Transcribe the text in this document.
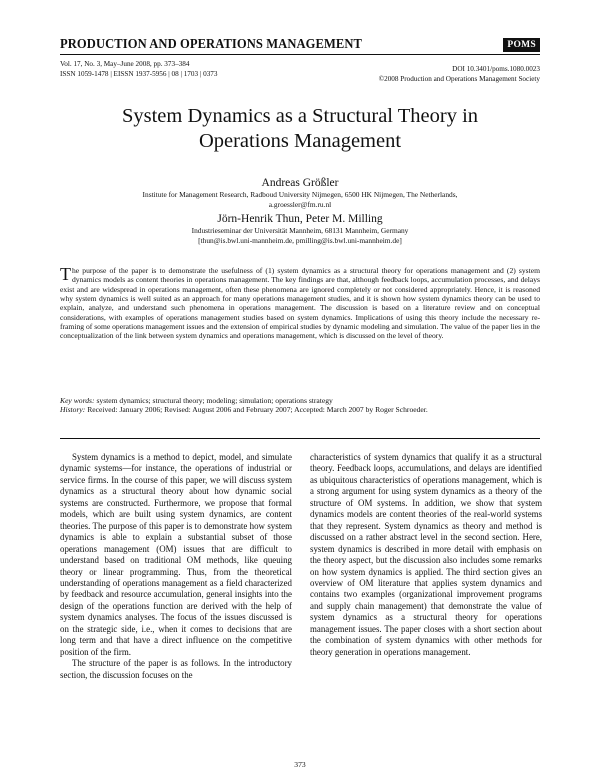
PRODUCTION AND OPERATIONS MANAGEMENT	POMS
Vol. 17, No. 3, May–June 2008, pp. 373–384
ISSN 1059-1478 | EISSN 1937-5956 | 08 | 1703 | 0373
DOI 10.3401/poms.1080.0023
©2008 Production and Operations Management Society
System Dynamics as a Structural Theory in
Operations Management
Andreas Größler
Institute for Management Research, Radboud University Nijmegen, 6500 HK Nijmegen, The Netherlands,
a.groessler@fm.ru.nl
Jörn-Henrik Thun, Peter M. Milling
Industrieseminar der Universität Mannheim, 68131 Mannheim, Germany
[thun@is.bwl.uni-mannheim.de, pmilling@is.bwl.uni-mannheim.de]
The purpose of the paper is to demonstrate the usefulness of (1) system dynamics as a structural theory for operations management and (2) system dynamics models as content theories in operations management. The key findings are that, although feedback loops, accumulation processes, and delays exist and are widespread in operations management, often these phenomena are ignored completely or not considered appropriately. Hence, it is reasoned why system dynamics is well suited as an approach for many operations management studies, and it is shown how system dynamics theory can be used to explain, analyze, and understand such phenomena in operations management. The discussion is based on a literature review and on conceptual considerations, with examples of operations management studies based on system dynamics. Implications of using this theory include the necessary re-framing of some operations management issues and the extension of empirical studies by dynamic modeling and simulation. The value of the paper lies in the conceptualization of the link between system dynamics and operations management, which is discussed on the level of theory.
Key words: system dynamics; structural theory; modeling; simulation; operations strategy
History: Received: January 2006; Revised: August 2006 and February 2007; Accepted: March 2007 by Roger Schroeder.

System dynamics is a method to depict, model, and simulate dynamic systems—for instance, the operations of industrial or service firms. In the course of this paper, we will discuss system dynamics as a structural theory about how dynamic social systems are constructed. Furthermore, we propose that formal models, which are built using system dynamics, are content theories. The purpose of this paper is to demonstrate how system dynamics is able to explain a substantial subset of those operations management (OM) issues that are difficult to understand based on traditional OM methods, like queuing theory or linear programming. Thus, from the theoretical understanding of operations management as a field characterized by feedback and resource accumulation, general insights into the design of the operations function are derived with the help of system dynamics analyses. The focus of the issues discussed is on the strategic side, i.e., when it comes to decisions that are long term and that have a direct influence on the competitive position of the firm.

The structure of the paper is as follows. In the introductory section, the discussion focuses on the

characteristics of system dynamics that qualify it as a structural theory. Feedback loops, accumulations, and delays are identified as ubiquitous characteristics of operations management, which is a strong argument for using system dynamics as a theory of the structure of OM systems. In addition, we show that system dynamics models are content theories of the real-world systems that they represent. System dynamics as theory and method is discussed on a rather abstract level in the second section. Here, system dynamics is described in more detail with emphasis on the theory aspect, but the discussion also includes some remarks on how system dynamics is applied. The third section gives an overview of OM literature that applies system dynamics and contains two examples (organizational improvement programs and supply chain management) that demonstrate the value of system dynamics as a structural theory for operations management issues. The paper closes with a short section about the combination of system dynamics with other methods for theory generation in operations management.

373
